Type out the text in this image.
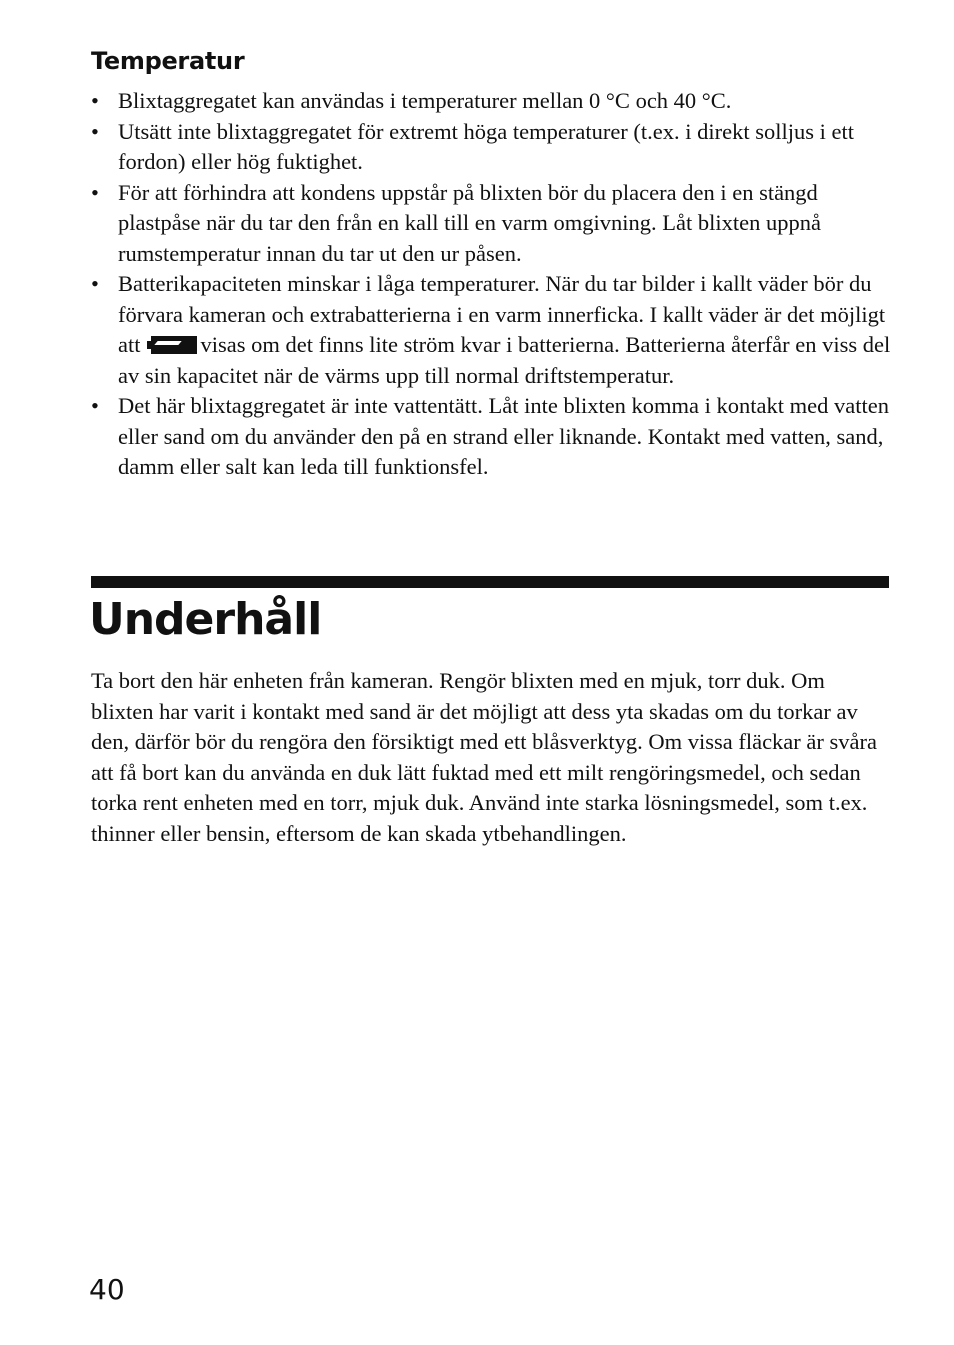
Temperatur
• Blixtaggregatet kan användas i temperaturer mellan 0 °C och 40 °C.
• Utsätt inte blixtaggregatet för extremt höga temperaturer (t.ex. i direkt solljus i ett fordon) eller hög fuktighet.
• För att förhindra att kondens uppstår på blixten bör du placera den i en stängd plastpåse när du tar den från en kall till en varm omgivning. Låt blixten uppnå rumstemperatur innan du tar ut den ur påsen.
• Batterikapaciteten minskar i låga temperaturer. När du tar bilder i kallt väder bör du förvara kameran och extrabatterierna i en varm innerficka. I kallt väder är det möjligt att	visas om det finns lite ström kvar i batterierna. Batterierna återfår en viss del av sin kapacitet när de värms upp till normal driftstemperatur.
• Det här blixtaggregatet är inte vattentätt. Låt inte blixten komma i kontakt med vatten eller sand om du använder den på en strand eller liknande. Kontakt med vatten, sand, damm eller salt kan leda till funktionsfel.
Underhåll

Ta bort den här enheten från kameran. Rengör blixten med en mjuk, torr duk. Om blixten har varit i kontakt med sand är det möjligt att dess yta skadas om du torkar av den, därför bör du rengöra den försiktigt med ett blåsverktyg. Om vissa fläckar är svåra att få bort kan du använda en duk lätt fuktad med ett milt rengöringsmedel, och sedan torka rent enheten med en torr, mjuk duk. Använd inte starka lösningsmedel, som t.ex. thinner eller bensin, eftersom de kan skada ytbehandlingen.

40
